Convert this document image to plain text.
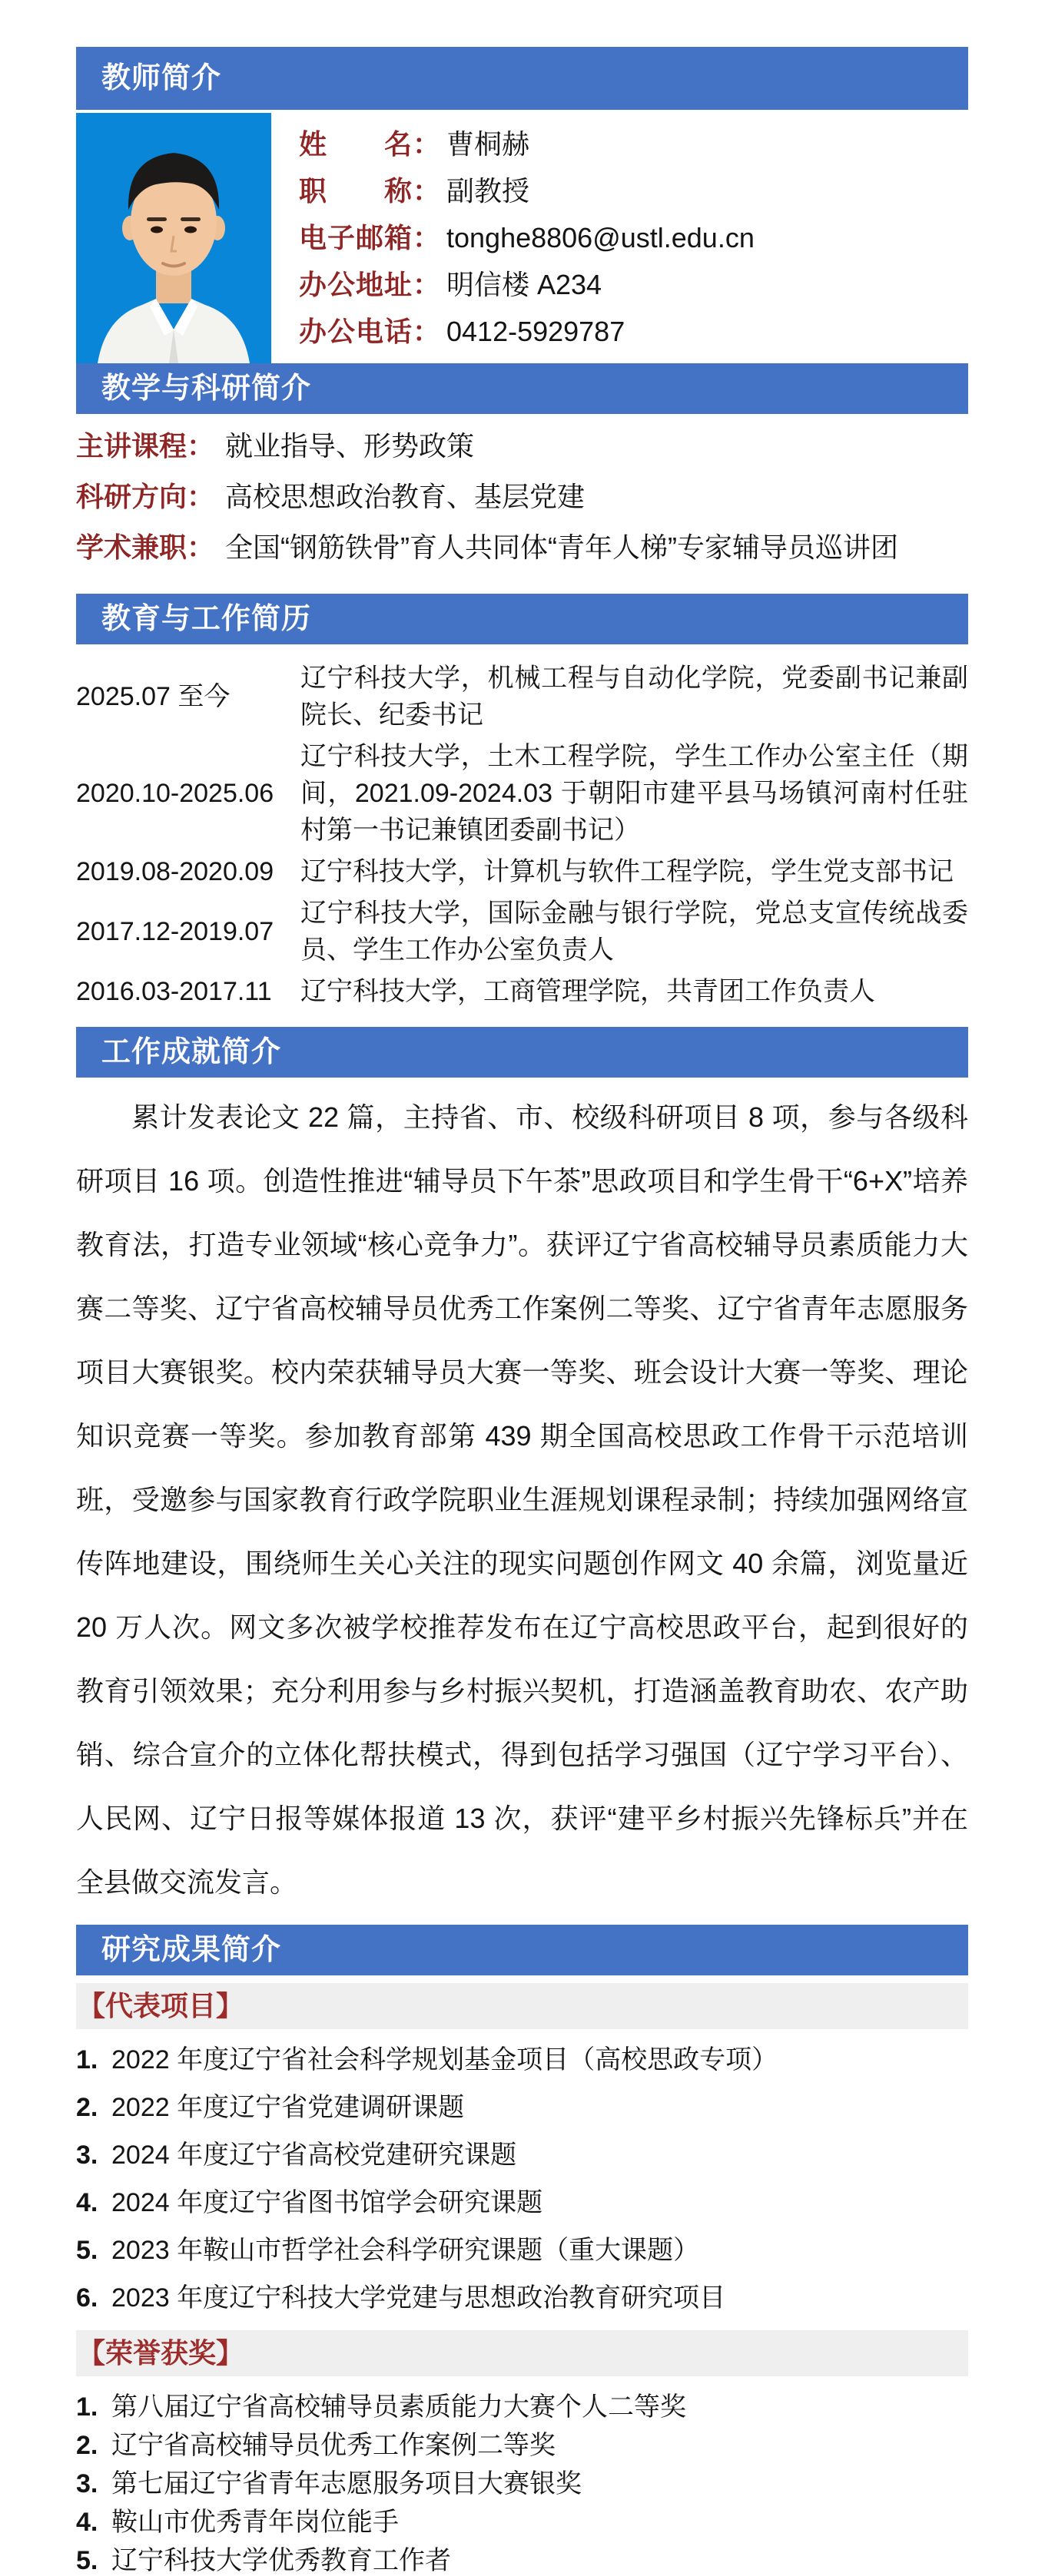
教师简介
姓　　名： 曹桐赫
职　　称： 副教授
电子邮箱： tonghe8806@ustl.edu.cn
办公地址： 明信楼 A234
办公电话： 0412-5929787
教学与科研简介
主讲课程： 就业指导、形势政策
科研方向： 高校思想政治教育、基层党建
学术兼职： 全国“钢筋铁骨”育人共同体“青年人梯”专家辅导员巡讲团
教育与工作简历
2025.07 至今
辽宁科技大学，机械工程与自动化学院，党委副书记兼副院长、纪委书记
2020.10-2025.06
辽宁科技大学，土木工程学院，学生工作办公室主任（期间，2021.09-2024.03 于朝阳市建平县马场镇河南村任驻村第一书记兼镇团委副书记）
2019.08-2020.09	辽宁科技大学，计算机与软件工程学院，学生党支部书记
2017.12-2019.07
辽宁科技大学，国际金融与银行学院，党总支宣传统战委员、学生工作办公室负责人
2016.03-2017.11	辽宁科技大学，工商管理学院，共青团工作负责人
工作成就简介

累计发表论文 22 篇，主持省、市、校级科研项目 8 项，参与各级科研项目 16 项。创造性推进“辅导员下午茶”思政项目和学生骨干“6+X”培养教育法，打造专业领域“核心竞争力”。获评辽宁省高校辅导员素质能力大赛二等奖、辽宁省高校辅导员优秀工作案例二等奖、辽宁省青年志愿服务项目大赛银奖。校内荣获辅导员大赛一等奖、班会设计大赛一等奖、理论知识竞赛一等奖。参加教育部第 439 期全国高校思政工作骨干示范培训班，受邀参与国家教育行政学院职业生涯规划课程录制；持续加强网络宣传阵地建设，围绕师生关心关注的现实问题创作网文 40 余篇，浏览量近 20 万人次。网文多次被学校推荐发布在辽宁高校思政平台，起到很好的教育引领效果；充分利用参与乡村振兴契机，打造涵盖教育助农、农产助销、综合宣介的立体化帮扶模式，得到包括学习强国（辽宁学习平台）、人民网、辽宁日报等媒体报道 13 次，获评“建平乡村振兴先锋标兵”并在全县做交流发言。

研究成果简介
【代表项目】
1. 2022 年度辽宁省社会科学规划基金项目（高校思政专项）
2. 2022 年度辽宁省党建调研课题
3. 2024 年度辽宁省高校党建研究课题
4. 2024 年度辽宁省图书馆学会研究课题
5. 2023 年鞍山市哲学社会科学研究课题（重大课题）
6. 2023 年度辽宁科技大学党建与思想政治教育研究项目
【荣誉获奖】
1. 第八届辽宁省高校辅导员素质能力大赛个人二等奖
2. 辽宁省高校辅导员优秀工作案例二等奖
3. 第七届辽宁省青年志愿服务项目大赛银奖
4. 鞍山市优秀青年岗位能手
5. 辽宁科技大学优秀教育工作者
